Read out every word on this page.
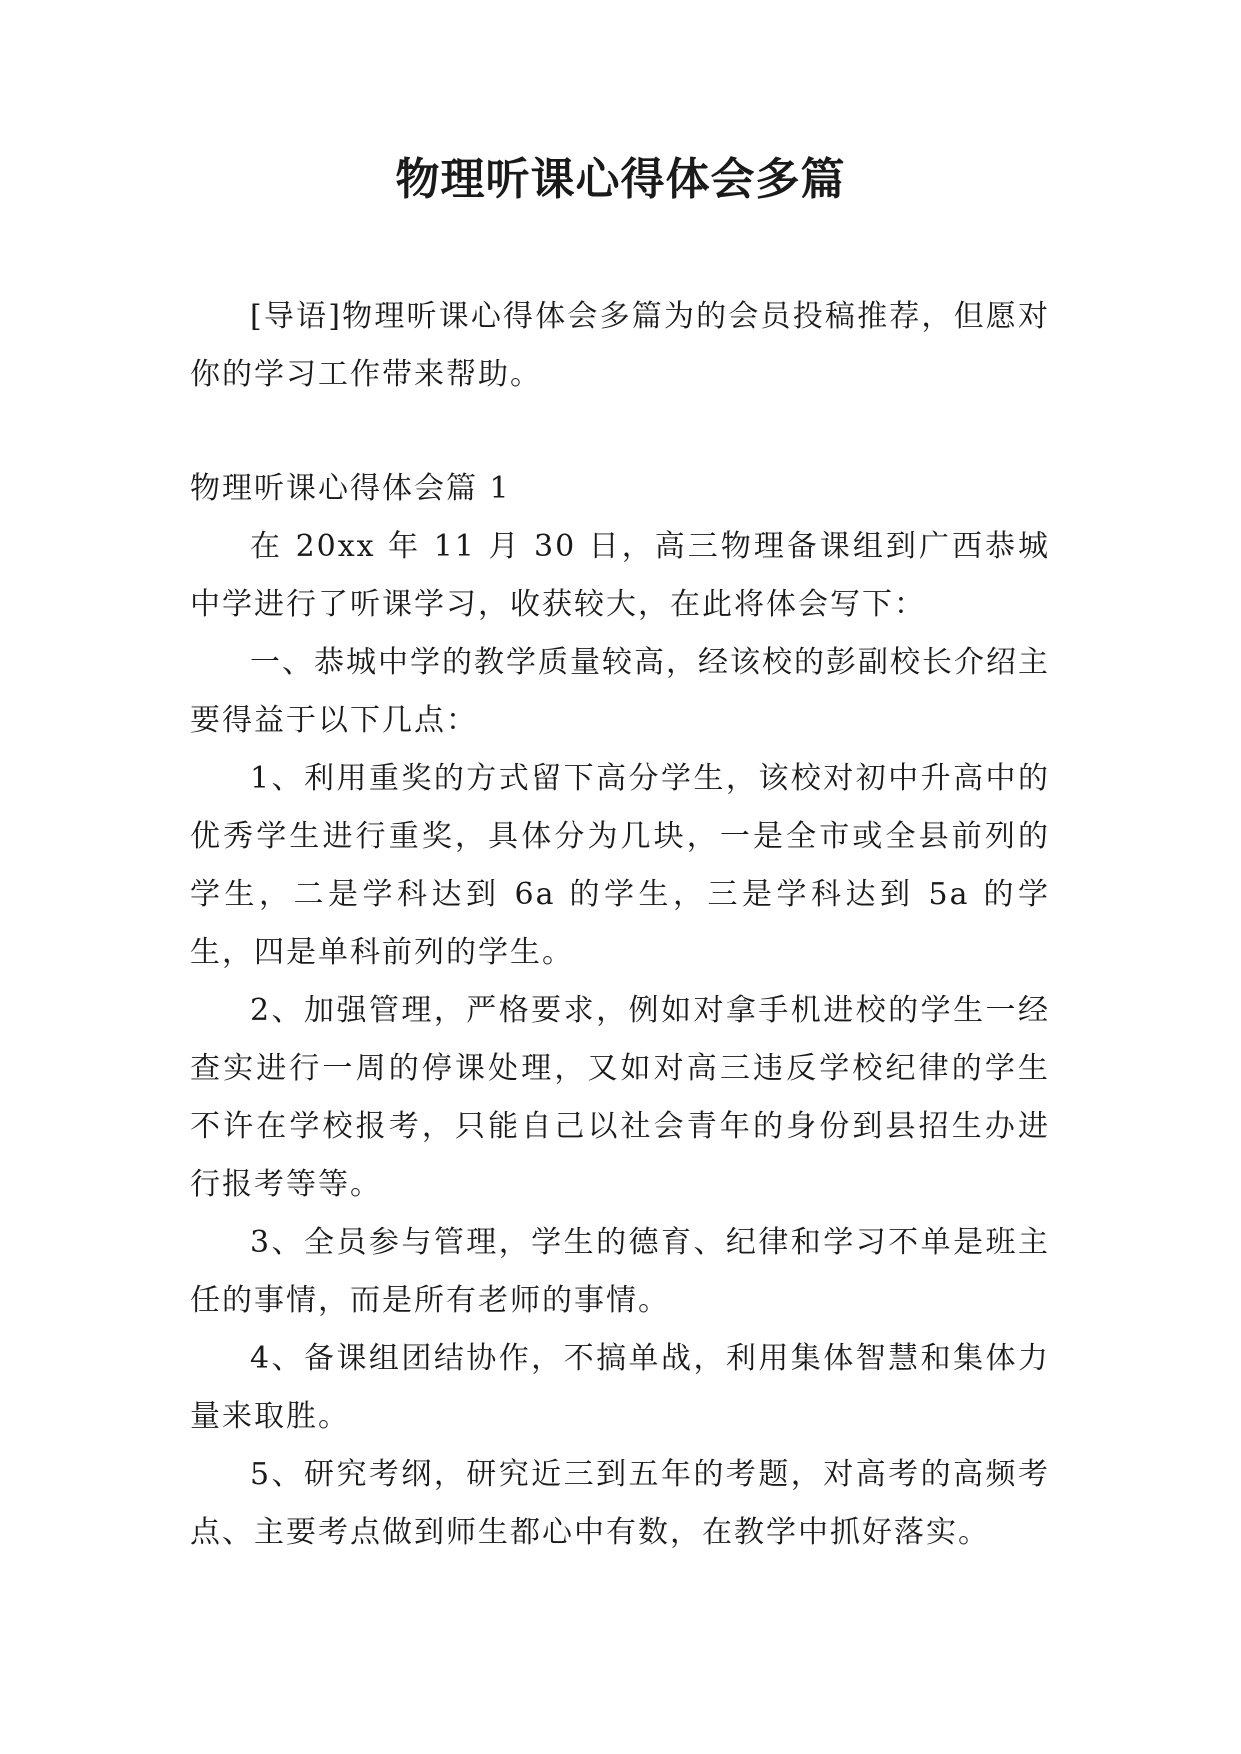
物理听课心得体会多篇

[导语]物理听课心得体会多篇为的会员投稿推荐，但愿对你的学习工作带来帮助。

物理听课心得体会篇 1

在 20xx 年 11 月 30 日，高三物理备课组到广西恭城中学进行了听课学习，收获较大，在此将体会写下：

一、恭城中学的教学质量较高，经该校的彭副校长介绍主要得益于以下几点：

1、利用重奖的方式留下高分学生，该校对初中升高中的优秀学生进行重奖，具体分为几块，一是全市或全县前列的学生，二是学科达到 6a 的学生，三是学科达到 5a 的学生，四是单科前列的学生。

2、加强管理，严格要求，例如对拿手机进校的学生一经查实进行一周的停课处理，又如对高三违反学校纪律的学生不许在学校报考，只能自己以社会青年的身份到县招生办进行报考等等。

3、全员参与管理，学生的德育、纪律和学习不单是班主任的事情，而是所有老师的事情。

4、备课组团结协作，不搞单战，利用集体智慧和集体力量来取胜。

5、研究考纲，研究近三到五年的考题，对高考的高频考点、主要考点做到师生都心中有数，在教学中抓好落实。
